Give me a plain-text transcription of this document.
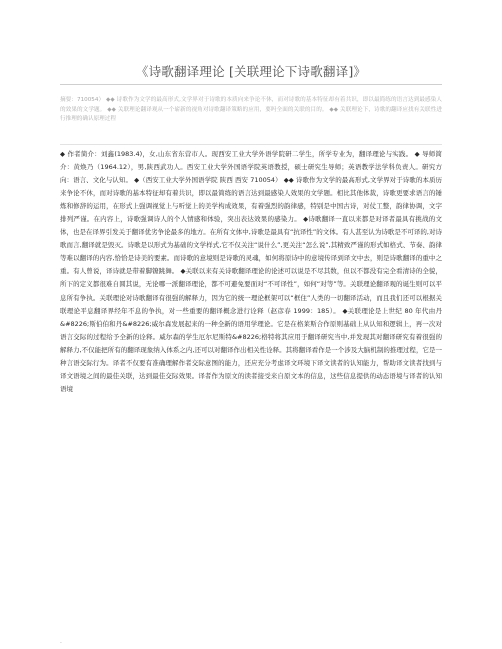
《诗歌翻译理论 [关联理论下诗歌翻译]》

摘要：710054） ◆◆ 诗歌作为文学的最高形式,文学界对于诗歌的本质向来争论不休，而对诗歌的基本特征却有着共识，即以最简练的语言达到最感染人的效果的文学题。 ◆◆ 关联理论翻译观从一个崭新的视角对诗歌翻译策略的应用，要吗全面的关联的目的。 ◆◆ 关联理论下，诗歌的翻译应找有关联性进行推理的确认原理过程

◆ 作者简介：刘鑫(1983.4)，女,山东省东营市人。现西安工业大学外语学院研二学生，所学专业为，翻译理论与实践。 ◆ 导师简介：黄焕乃（1964.12），男,陕西武功人。西安工业大学外国语学院英语教授，硕士研究生导师；英语教学法学科负责人。研究方向：语言、文化与认知。 ◆（西安工业大学外国语学院 陕西 西安 710054） ◆◆ 诗歌作为文学的最高形式,文学界对于诗歌的本质历来争论不休，而对诗歌的基本特征却有着共识，即以最简练的语言达到最感染人效果的文学题。相比其他体裁，诗歌更要求语言的锤炼和修辞的运用，在形式上强调视觉上与听觉上的美学构成效果，有着强烈的韵律感，特别是中国古诗，对仗工整，韵律协调，文字排列严谨。在内容上，诗歌强调诗人的个人情感和体验，突出表达效果的感染力。 ◆诗歌翻译一直以来都是对译者最具有挑战的文体，也是在译界引发关于翻译优劣争论最多的地方。在所有文体中,诗歌是最具有“抗译性”的文体。有人甚至认为诗歌是不可译的,对诗歌而言,翻译就是毁灭。诗歌是以形式为基础的文学样式,它不仅关注“说什么”,更关注“怎么说”,其精致严谨的形式如格式、节奏、韵律等难以翻译的内容,恰恰是诗美的要素。而诗歌的意境则是诗歌的灵魂，如何将原诗中的意境传译到译文中去，则是诗歌翻译的重中之重。有人曾说，译诗就是带着脚镣跳舞。 ◆关联以来有关诗歌翻译理论的论述可以说是不尽其数，但以不都没有完全看清诗的全貌，所下的定义都很难自圆其说，无论哪一派翻译理论，都不可避免要面对“不可译性”，如何“对等”等。关联理论翻译观的诞生则可以平息所有争执。关联理论对诗歌翻译有很强的解释力，因为它的统一理论框架可以“框住”人类的一切翻译活动，而且我们还可以根据关联理论平息翻译界经年不息的争执，对一些重要的翻译概念进行诠释（赵彦春 1999：185）。 ◆关联理论是上世纪 80 年代由丹&#8226;斯伯伯和丹&#8226;威尔森发展起来的一种全新的语用学理论。它是在格莱斯合作原则基础上从认知和逻辑上，再一次对语言交际的过程给予全新的诠释。威尔森的学生厄尔尼斯特&#8226;格特将其应用于翻译研究当中,并发现其对翻译研究有着很强的解释力,不仅能把所有的翻译现象纳入体系之内,还可以对翻译作出相关性诠释。其将翻译看作是一个涉及大脑机制的推理过程，它是一种言语交际行为。译者不仅要有准确理解作者交际意图的能力，还应充分考虑译文环境下译文读者的认知能力，帮助译文读者找到与译文语境之间的最佳关联，达到最佳交际效果。译者作为原文的读者接受来自原文本的信息，这些信息提供的动态语境与译者的认知语境

·
